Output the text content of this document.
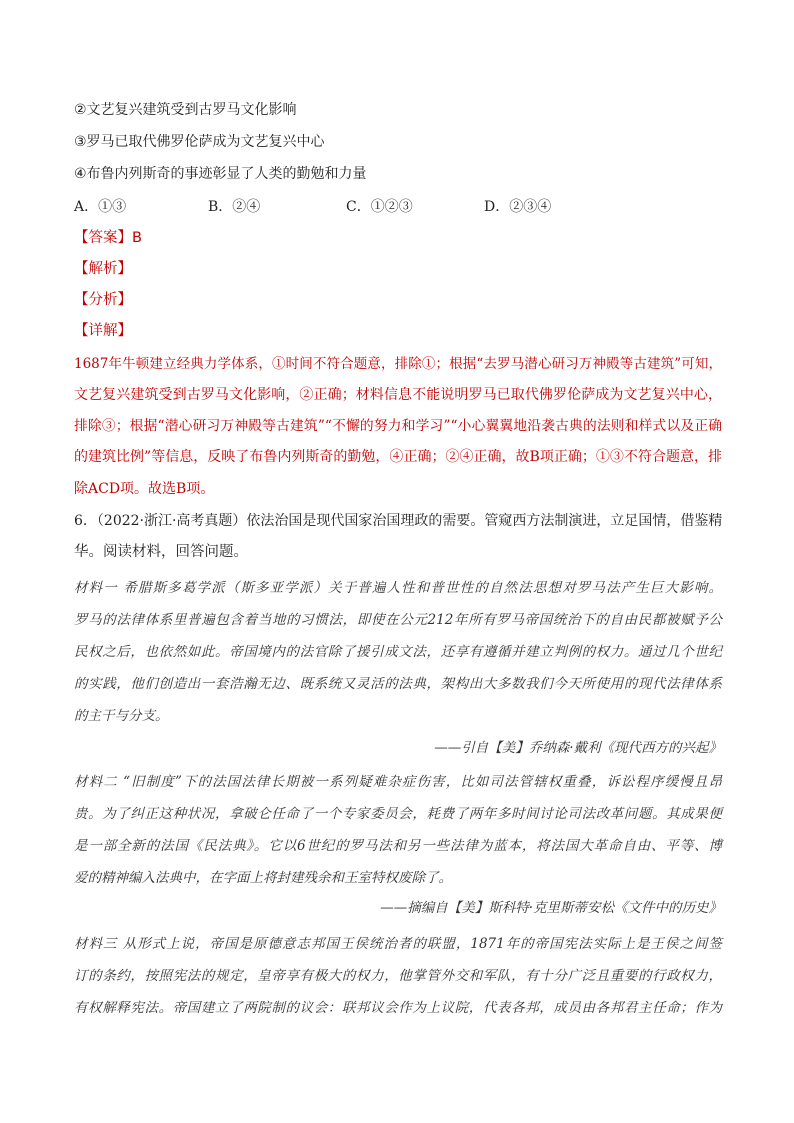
②文艺复兴建筑受到古罗马文化影响
③罗马已取代佛罗伦萨成为文艺复兴中心
④布鲁内列斯奇的事迹彰显了人类的勤勉和力量
A．①③	B．②④	C．①②③	D．②③④
【答案】B
【解析】
【分析】
【详解】
1687年牛顿建立经典力学体系，①时间不符合题意，排除①；根据“去罗马潜心研习万神殿等古建筑”可知，
文艺复兴建筑受到古罗马文化影响，②正确；材料信息不能说明罗马已取代佛罗伦萨成为文艺复兴中心，
排除③；根据“潜心研习万神殿等古建筑”“不懈的努力和学习”“小心翼翼地沿袭古典的法则和样式以及正确
的建筑比例”等信息，反映了布鲁内列斯奇的勤勉，④正确；②④正确，故B项正确；①③不符合题意，排
除ACD项。故选B项。
6．（2022·浙江·高考真题）依法治国是现代国家治国理政的需要。管窥西方法制演进，立足国情，借鉴精
华。阅读材料，回答问题。
材料一 希腊斯多葛学派（斯多亚学派）关于普遍人性和普世性的自然法思想对罗马法产生巨大影响。
罗马的法律体系里普遍包含着当地的习惯法，即使在公元212年所有罗马帝国统治下的自由民都被赋予公
民权之后，也依然如此。帝国境内的法官除了援引成文法，还享有遵循并建立判例的权力。通过几个世纪
的实践，他们创造出一套浩瀚无边、既系统又灵活的法典，架构出大多数我们今天所使用的现代法律体系
的主干与分支。
——引自【美】乔纳森·戴利《现代西方的兴起》
材料二 “旧制度”下的法国法律长期被一系列疑难杂症伤害，比如司法管辖权重叠，诉讼程序缓慢且昂
贵。为了纠正这种状况，拿破仑任命了一个专家委员会，耗费了两年多时间讨论司法改革问题。其成果便
是一部全新的法国《民法典》。它以6世纪的罗马法和另一些法律为蓝本，将法国大革命自由、平等、博
爱的精神编入法典中，在字面上将封建残余和王室特权废除了。
——摘编自【美】斯科特·克里斯蒂安松《文件中的历史》
材料三 从形式上说，帝国是原德意志邦国王侯统治者的联盟，1871年的帝国宪法实际上是王侯之间签
订的条约，按照宪法的规定，皇帝享有极大的权力，他掌管外交和军队，有十分广泛且重要的行政权力，
有权解释宪法。帝国建立了两院制的议会：联邦议会作为上议院，代表各邦，成员由各邦君主任命；作为
